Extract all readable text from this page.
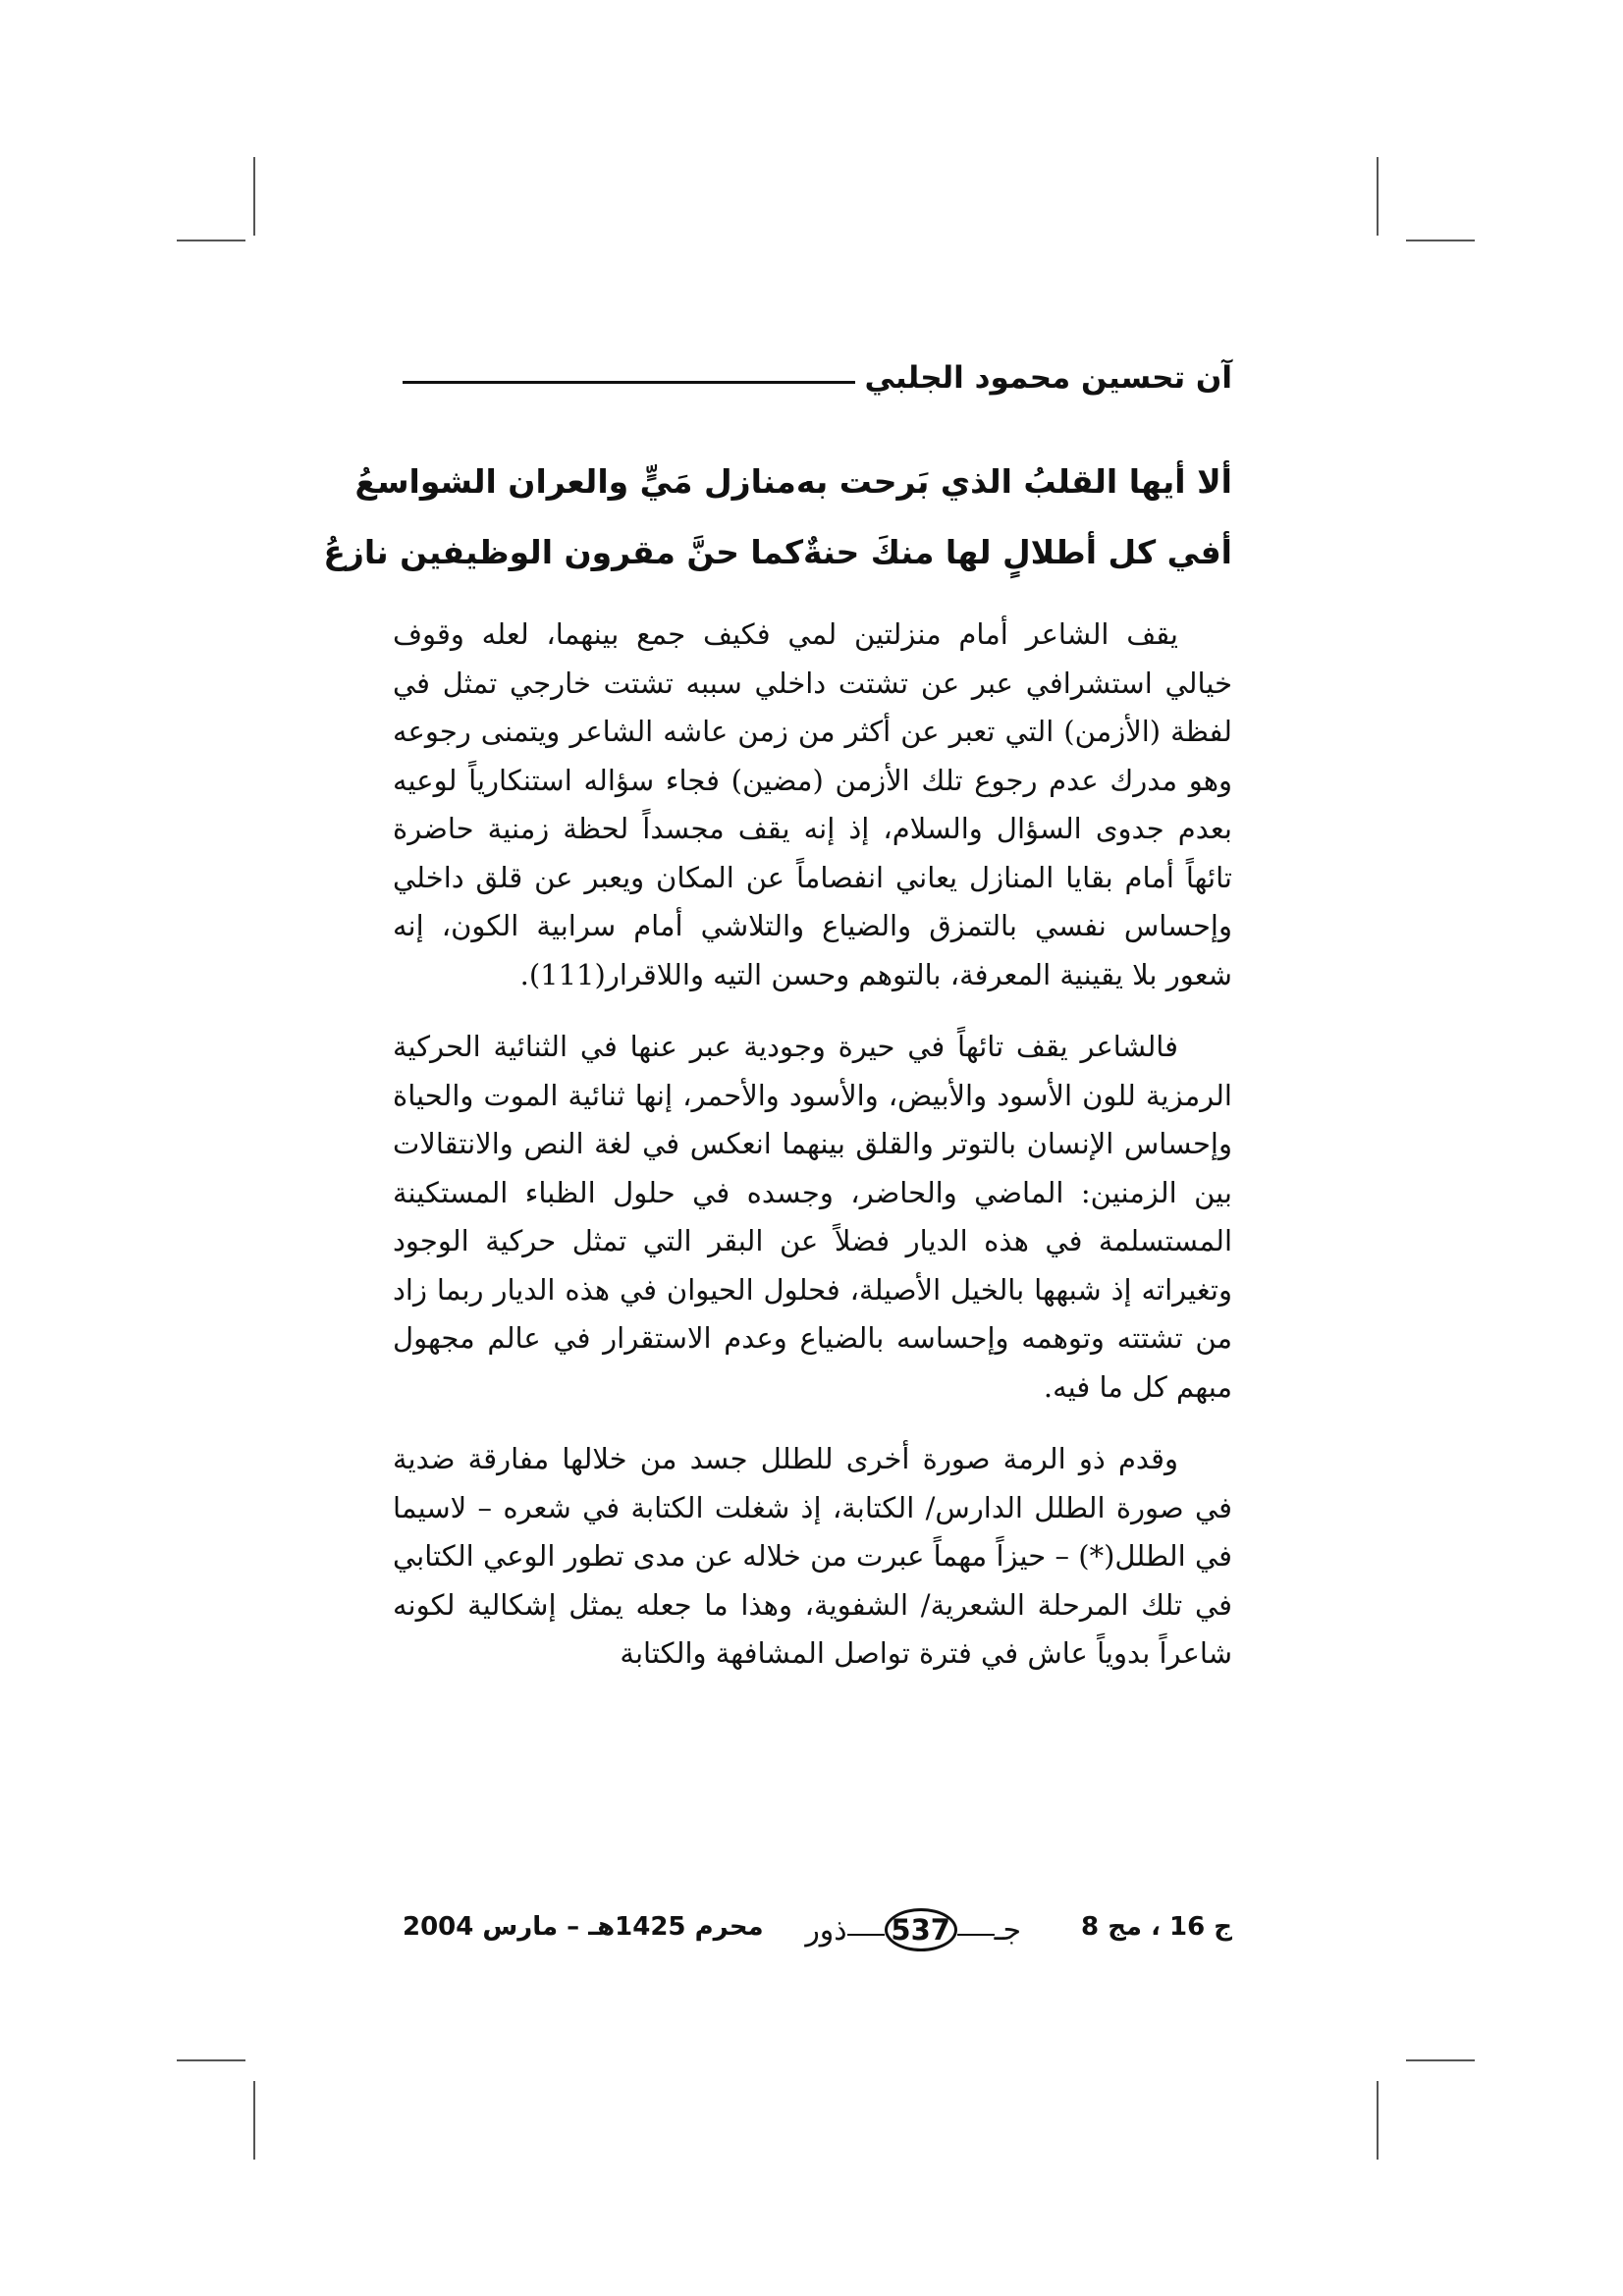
آن تحسين محمود الجلبي
ألا أيها القلبُ الذي بَرحت به
منازل مَيٍّ والعران الشواسعُ
أفي كل أطلالٍ لها منكَ حنةٌ
كما حنَّ مقرون الوظيفين نازعُ

يقف الشاعر أمام منزلتين لمي فكيف جمع بينهما، لعله وقوف خيالي استشرافي عبر عن تشتت داخلي سببه تشتت خارجي تمثل في لفظة (الأزمن) التي تعبر عن أكثر من زمن عاشه الشاعر ويتمنى رجوعه وهو مدرك عدم رجوع تلك الأزمن (مضين) فجاء سؤاله استنكارياً لوعيه بعدم جدوى السؤال والسلام، إذ إنه يقف مجسداً لحظة زمنية حاضرة تائهاً أمام بقايا المنازل يعاني انفصاماً عن المكان ويعبر عن قلق داخلي وإحساس نفسي بالتمزق والضياع والتلاشي أمام سرابية الكون، إنه شعور بلا يقينية المعرفة، بالتوهم وحسن التيه واللاقرار(111).

فالشاعر يقف تائهاً في حيرة وجودية عبر عنها في الثنائية الحركية الرمزية للون الأسود والأبيض، والأسود والأحمر، إنها ثنائية الموت والحياة وإحساس الإنسان بالتوتر والقلق بينهما انعكس في لغة النص والانتقالات بين الزمنين: الماضي والحاضر، وجسده في حلول الظباء المستكينة المستسلمة في هذه الديار فضلاً عن البقر التي تمثل حركية الوجود وتغيراته إذ شبهها بالخيل الأصيلة، فحلول الحيوان في هذه الديار ربما زاد من تشتته وتوهمه وإحساسه بالضياع وعدم الاستقرار في عالم مجهول مبهم كل ما فيه.

وقدم ذو الرمة صورة أخرى للطلل جسد من خلالها مفارقة ضدية في صورة الطلل الدارس/ الكتابة، إذ شغلت الكتابة في شعره – لاسيما في الطلل(*) – حيزاً مهماً عبرت من خلاله عن مدى تطور الوعي الكتابي في تلك المرحلة الشعرية/ الشفوية، وهذا ما جعله يمثل إشكالية لكونه شاعراً بدوياً عاش في فترة تواصل المشافهة والكتابة

ج 16 ، مج 8
جـ
537
ذور
محرم 1425هـ – مارس 2004
